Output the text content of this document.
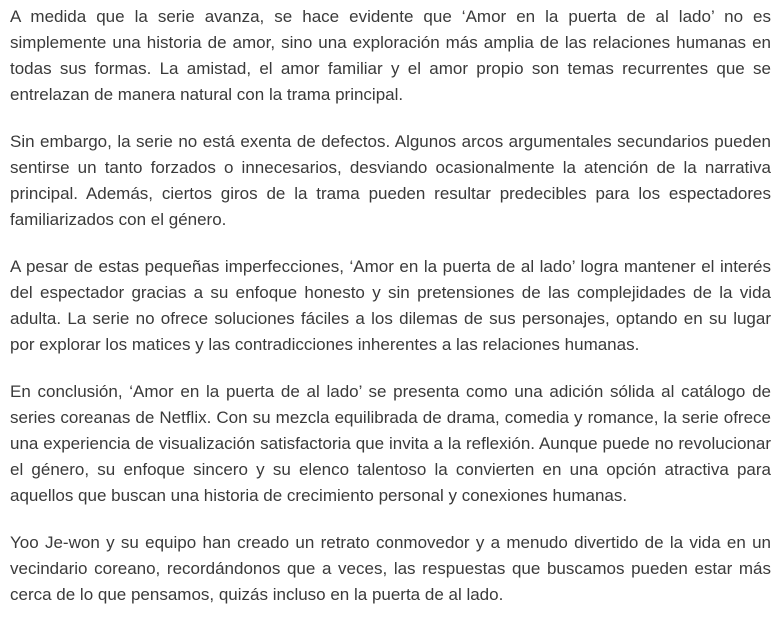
A medida que la serie avanza, se hace evidente que ‘Amor en la puerta de al lado’ no es simplemente una historia de amor, sino una exploración más amplia de las relaciones humanas en todas sus formas. La amistad, el amor familiar y el amor propio son temas recurrentes que se entrelazan de manera natural con la trama principal.

Sin embargo, la serie no está exenta de defectos. Algunos arcos argumentales secundarios pueden sentirse un tanto forzados o innecesarios, desviando ocasionalmente la atención de la narrativa principal. Además, ciertos giros de la trama pueden resultar predecibles para los espectadores familiarizados con el género.

A pesar de estas pequeñas imperfecciones, ‘Amor en la puerta de al lado’ logra mantener el interés del espectador gracias a su enfoque honesto y sin pretensiones de las complejidades de la vida adulta. La serie no ofrece soluciones fáciles a los dilemas de sus personajes, optando en su lugar por explorar los matices y las contradicciones inherentes a las relaciones humanas.

En conclusión, ‘Amor en la puerta de al lado’ se presenta como una adición sólida al catálogo de series coreanas de Netflix. Con su mezcla equilibrada de drama, comedia y romance, la serie ofrece una experiencia de visualización satisfactoria que invita a la reflexión. Aunque puede no revolucionar el género, su enfoque sincero y su elenco talentoso la convierten en una opción atractiva para aquellos que buscan una historia de crecimiento personal y conexiones humanas.

Yoo Je-won y su equipo han creado un retrato conmovedor y a menudo divertido de la vida en un vecindario coreano, recordándonos que a veces, las respuestas que buscamos pueden estar más cerca de lo que pensamos, quizás incluso en la puerta de al lado.
